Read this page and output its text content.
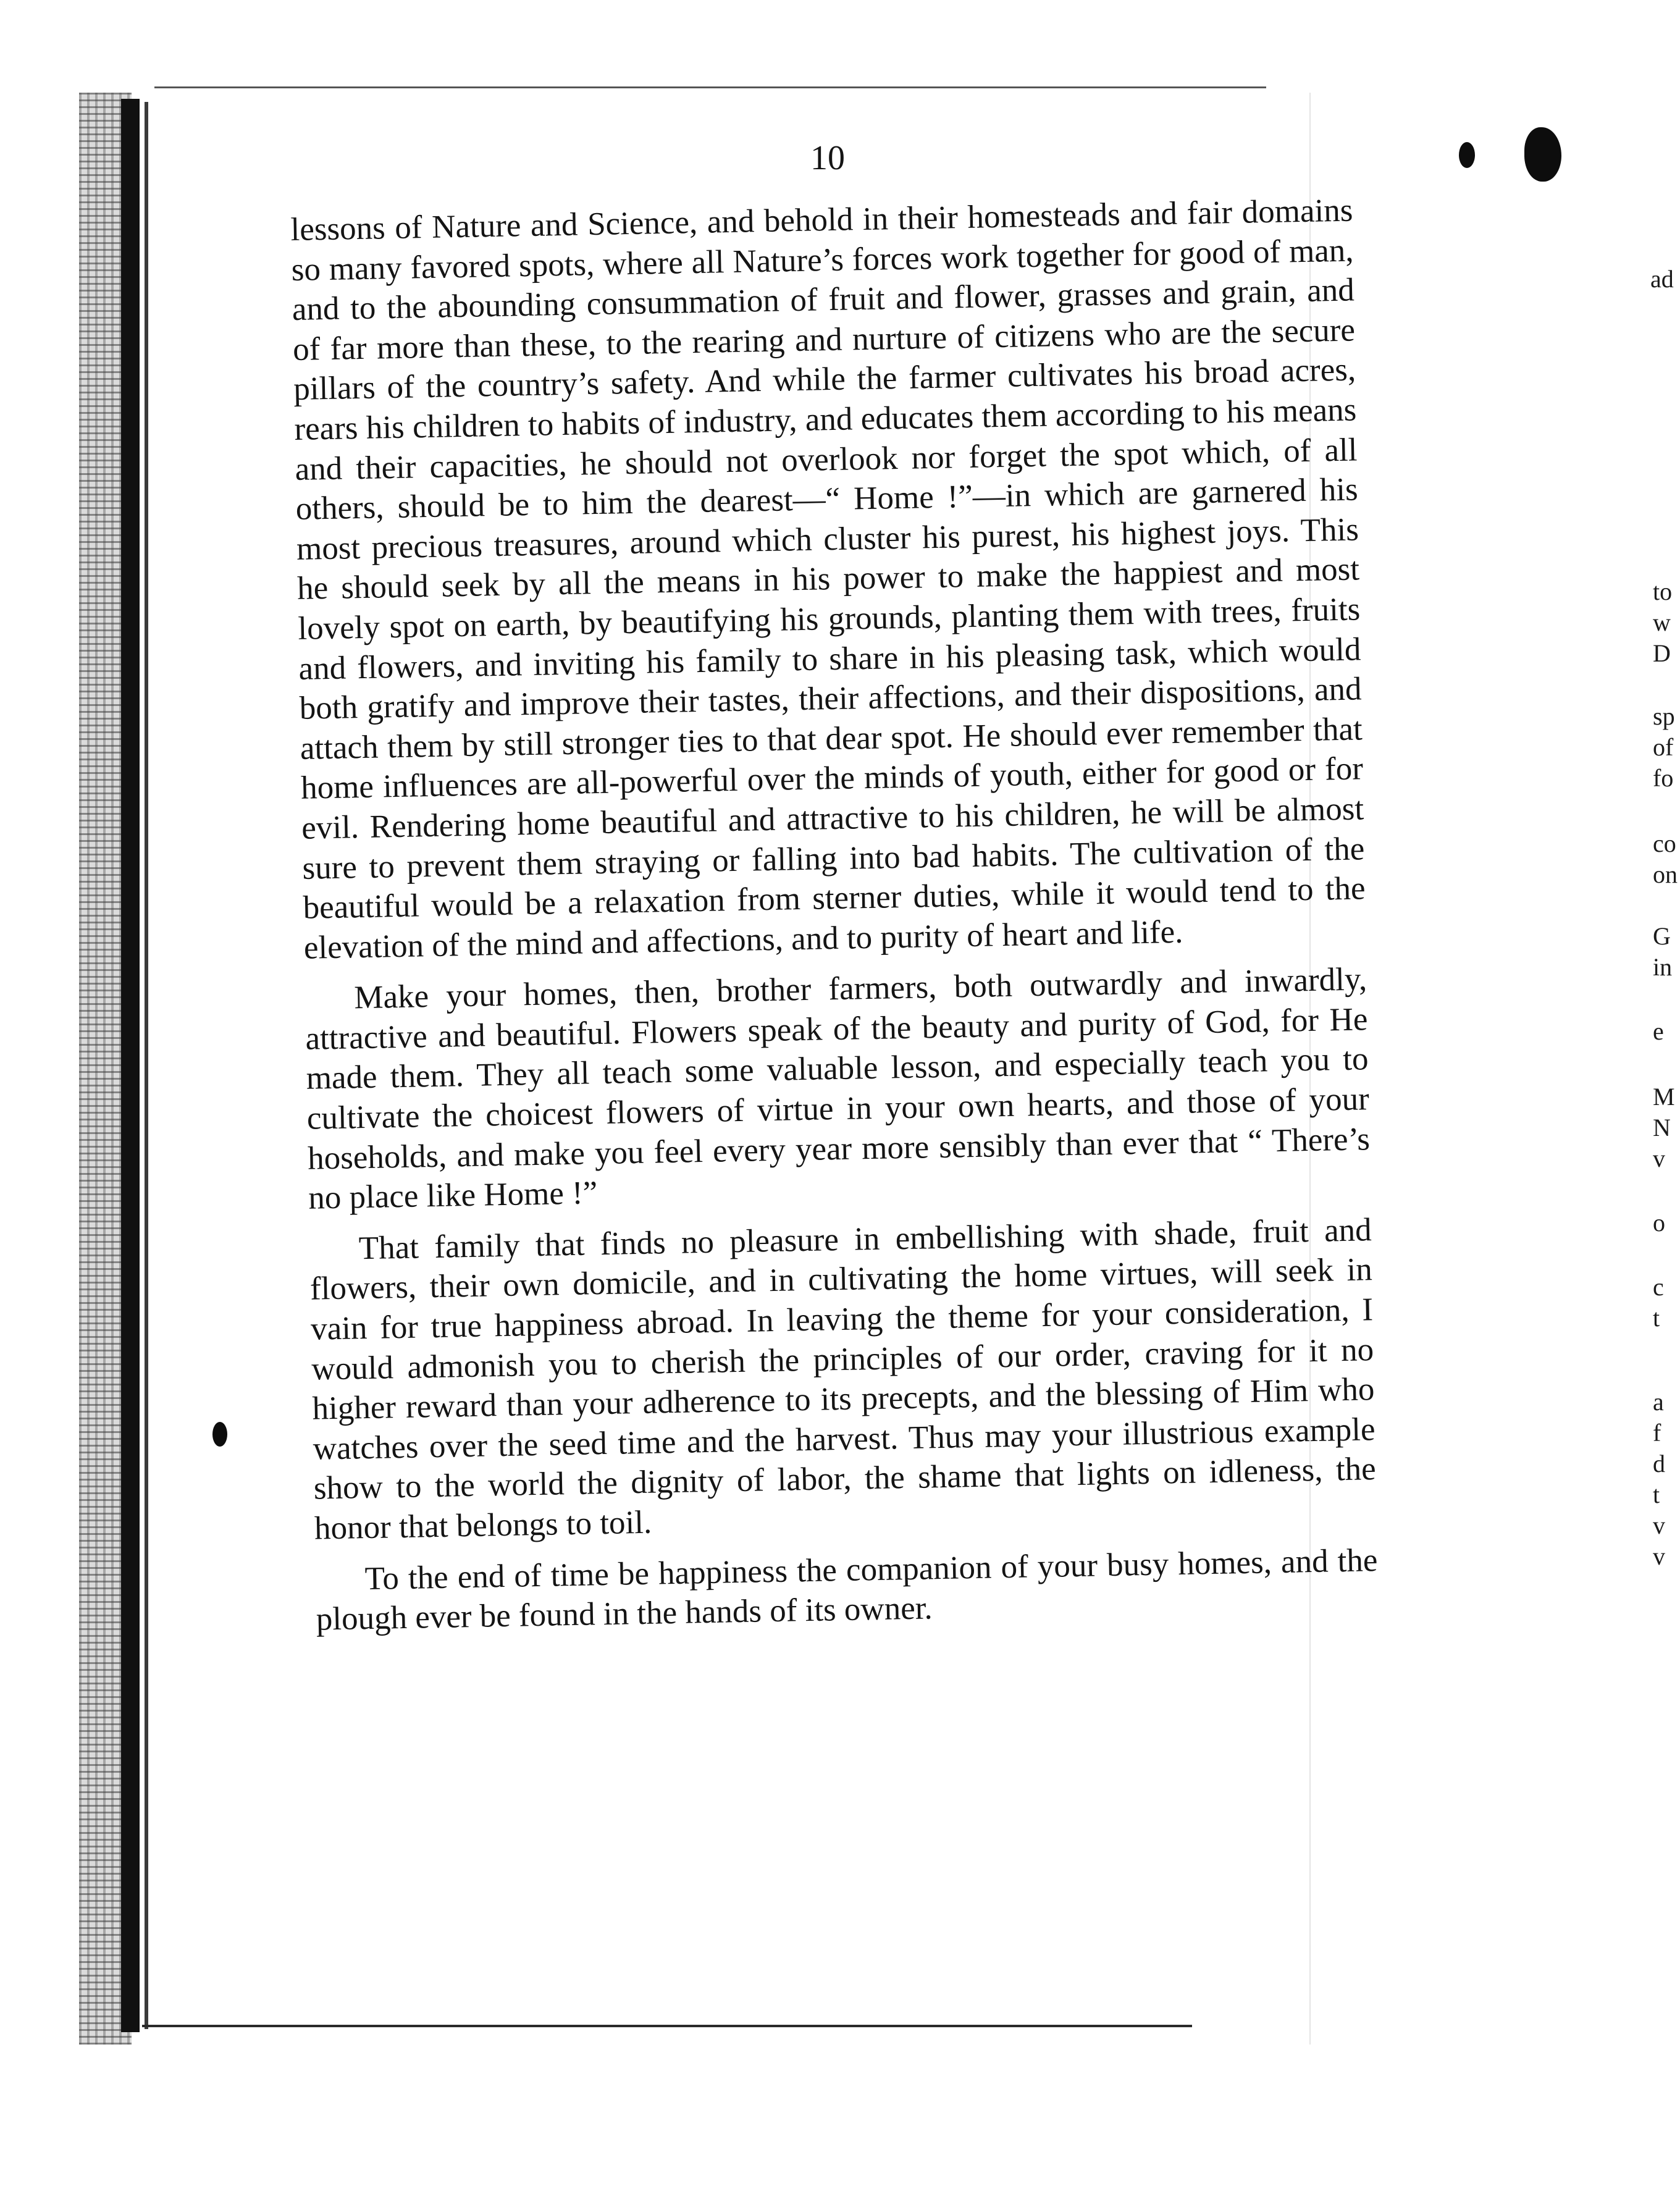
10

lessons of Nature and Science, and behold in their homesteads and fair domains so many favored spots, where all Nature’s forces work together for good of man, and to the abounding consummation of fruit and flower, grasses and grain, and of far more than these, to the rearing and nurture of citizens who are the secure pillars of the country’s safety. And while the farmer cultivates his broad acres, rears his children to habits of industry, and educates them according to his means and their capacities, he should not overlook nor forget the spot which, of all others, should be to him the dearest—“ Home !”—in which are garnered his most precious treasures, around which cluster his purest, his highest joys. This he should seek by all the means in his power to make the happiest and most lovely spot on earth, by beautifying his grounds, planting them with trees, fruits and flowers, and inviting his family to share in his pleasing task, which would both gratify and improve their tastes, their affections, and their dispositions, and attach them by still stronger ties to that dear spot. He should ever remember that home influences are all-powerful over the minds of youth, either for good or for evil. Rendering home beautiful and attractive to his children, he will be almost sure to prevent them straying or falling into bad habits. The cultivation of the beautiful would be a relaxation from sterner duties, while it would tend to the elevation of the mind and affections, and to purity of heart and life.

Make your homes, then, brother farmers, both outwardly and inwardly, attractive and beautiful. Flowers speak of the beauty and purity of God, for He made them. They all teach some valuable lesson, and especially teach you to cultivate the choicest flowers of virtue in your own hearts, and those of your hoseholds, and make you feel every year more sensibly than ever that “ There’s no place like Home !”

That family that finds no pleasure in embellishing with shade, fruit and flowers, their own domicile, and in cultivating the home virtues, will seek in vain for true happiness abroad. In leaving the theme for your consideration, I would admonish you to cherish the principles of our order, craving for it no higher reward than your adherence to its precepts, and the blessing of Him who watches over the seed time and the harvest. Thus may your illustrious example show to the world the dignity of labor, the shame that lights on idleness, the honor that belongs to toil.

To the end of time be happiness the companion of your busy homes, and the plough ever be found in the hands of its owner.

ad
to
w
D
sp
of
fo
co
on
G
in
e
M
N
v
o
c
t
a
f
d
t
v
v
